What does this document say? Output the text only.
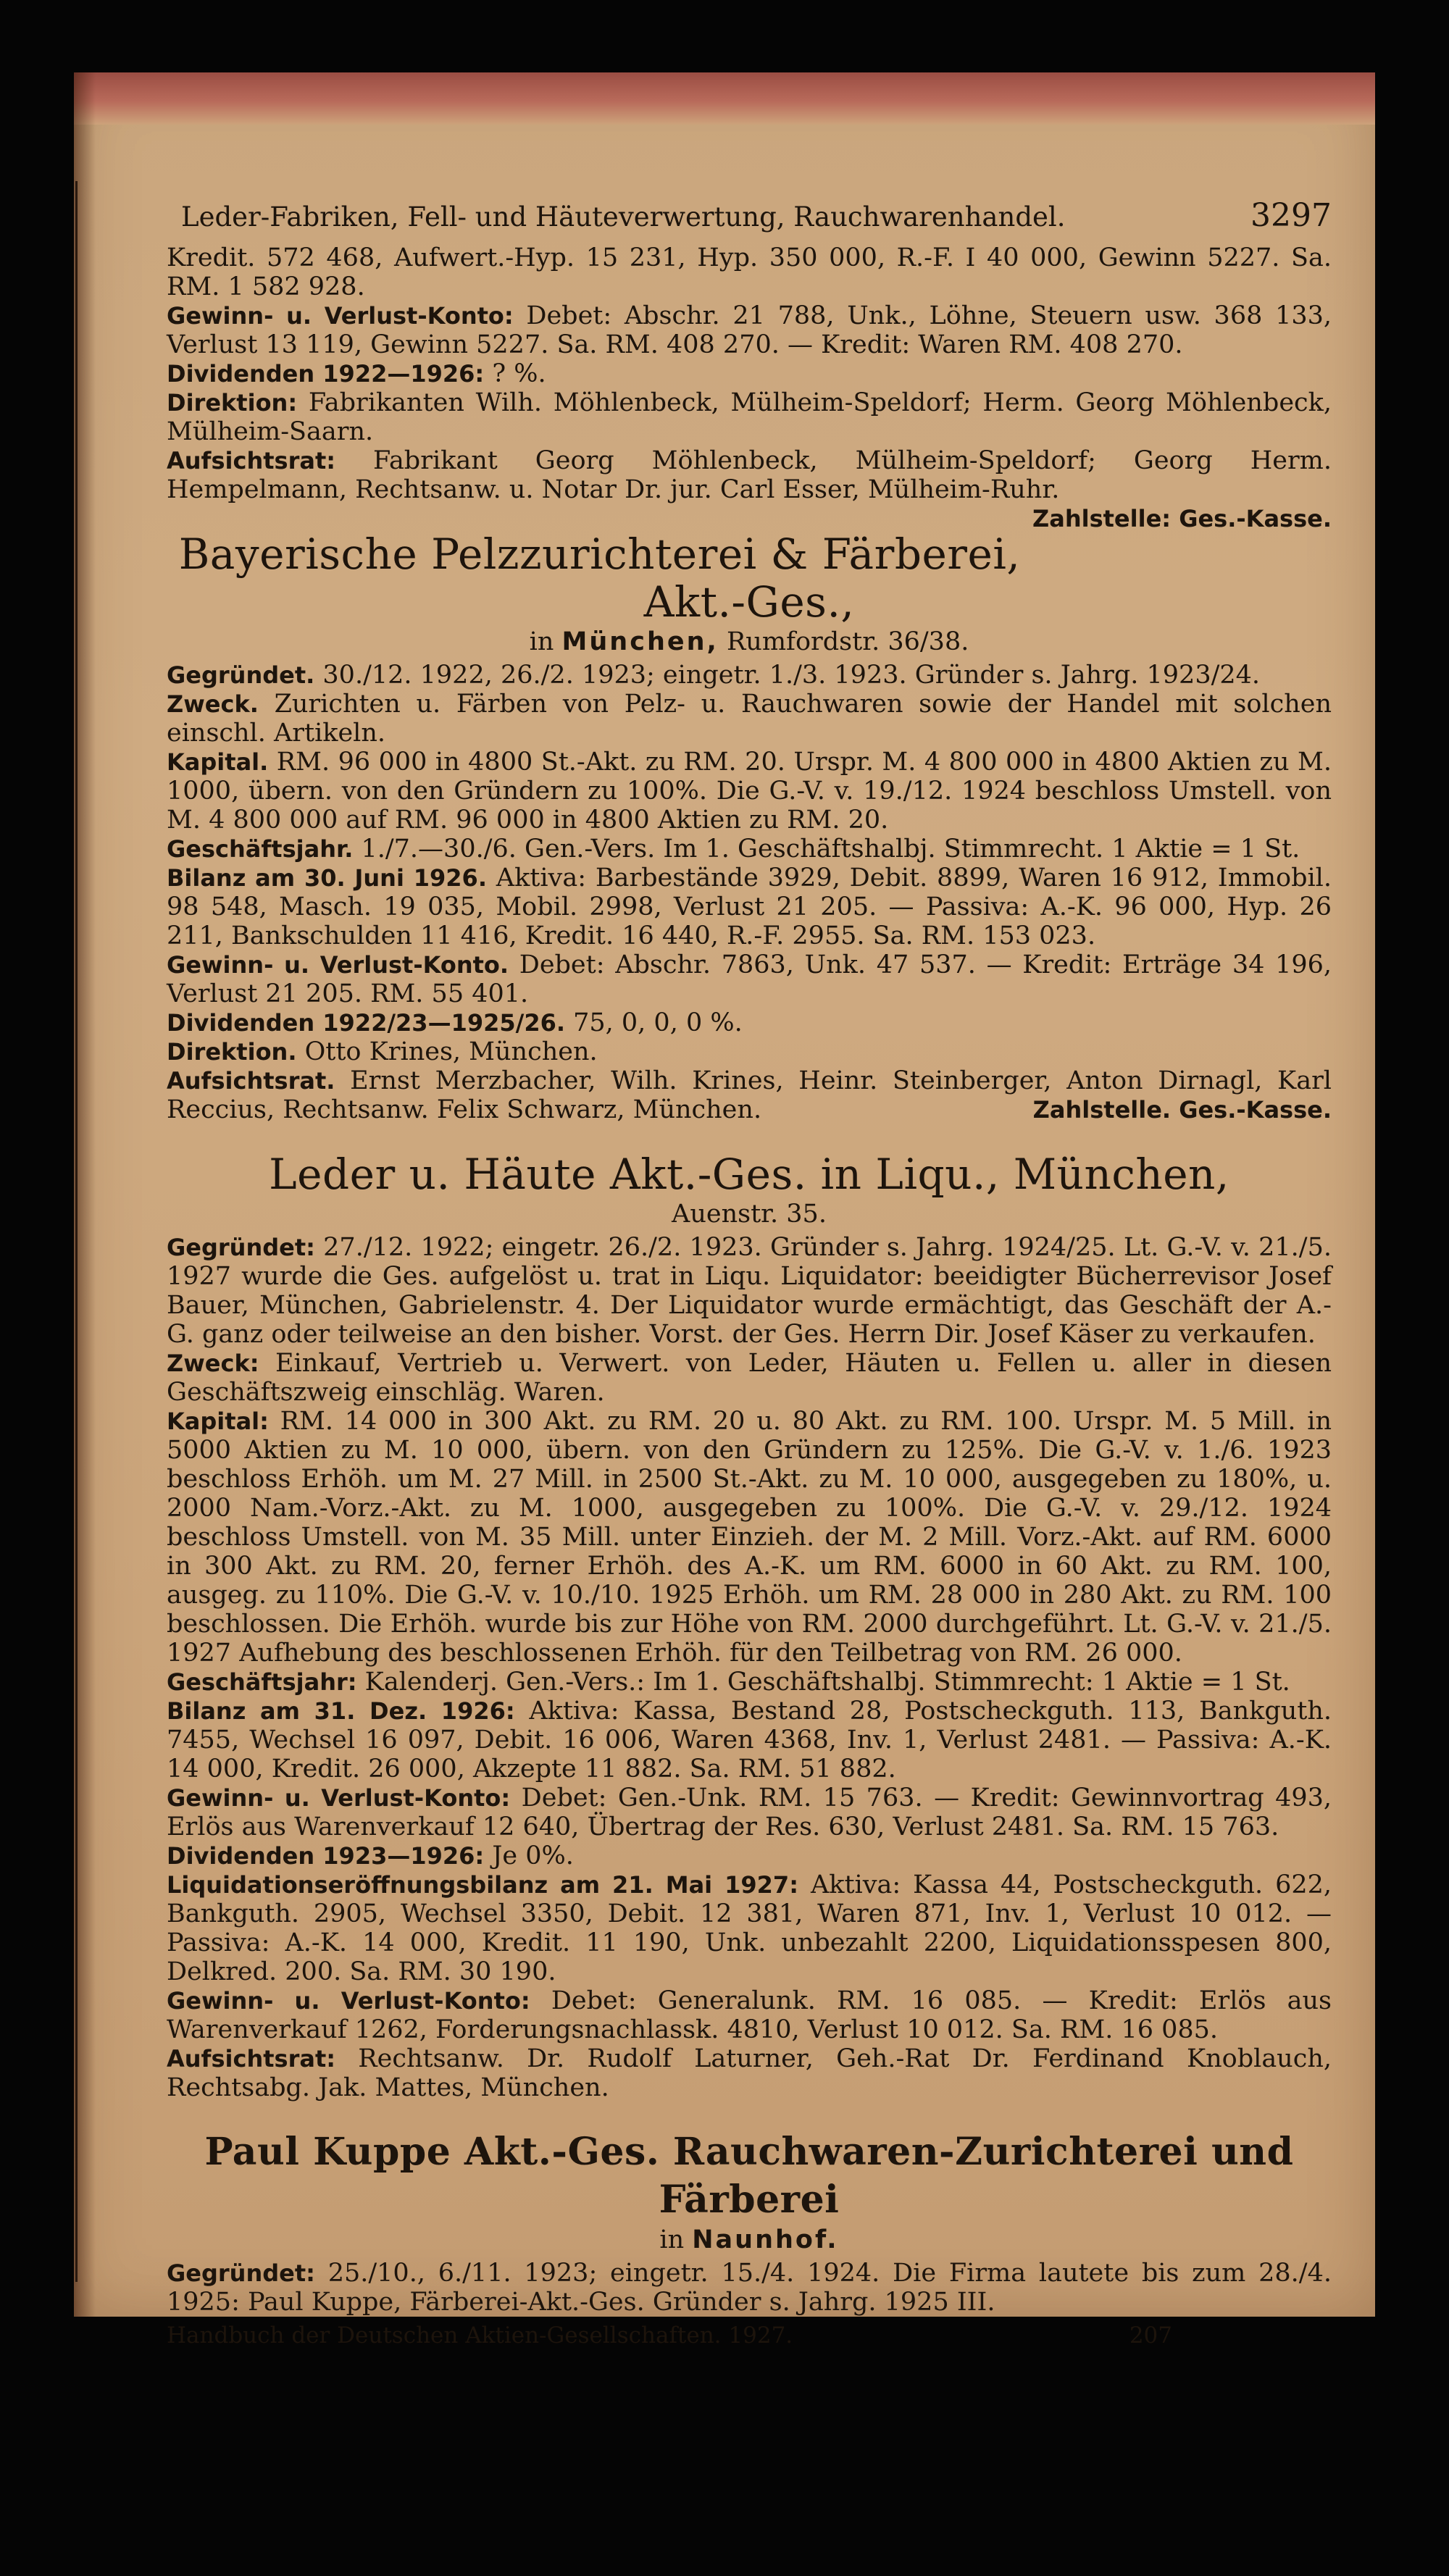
Leder-Fabriken, Fell- und Häuteverwertung, Rauchwarenhandel.	3297

Kredit. 572 468, Aufwert.-Hyp. 15 231, Hyp. 350 000, R.-F. I 40 000, Gewinn 5227. Sa. RM. 1 582 928.

Gewinn- u. Verlust-Konto: Debet: Abschr. 21 788, Unk., Löhne, Steuern usw. 368 133, Verlust 13 119, Gewinn 5227. Sa. RM. 408 270. — Kredit: Waren RM. 408 270.

Dividenden 1922—1926: ? %.

Direktion: Fabrikanten Wilh. Möhlenbeck, Mülheim-Speldorf; Herm. Georg Möhlenbeck, Mülheim-Saarn.

Aufsichtsrat: Fabrikant Georg Möhlenbeck, Mülheim-Speldorf; Georg Herm. Hempelmann, Rechtsanw. u. Notar Dr. jur. Carl Esser, Mülheim-Ruhr.
Zahlstelle: Ges.-Kasse.

Bayerische Pelzzurichterei & Färberei, Akt.-Ges.,

in München, Rumfordstr. 36/38.

Gegründet. 30./12. 1922, 26./2. 1923; eingetr. 1./3. 1923. Gründer s. Jahrg. 1923/24.

Zweck. Zurichten u. Färben von Pelz- u. Rauchwaren sowie der Handel mit solchen einschl. Artikeln.

Kapital. RM. 96 000 in 4800 St.-Akt. zu RM. 20. Urspr. M. 4 800 000 in 4800 Aktien zu M. 1000, übern. von den Gründern zu 100%. Die G.-V. v. 19./12. 1924 beschloss Umstell. von M. 4 800 000 auf RM. 96 000 in 4800 Aktien zu RM. 20.

Geschäftsjahr. 1./7.—30./6. Gen.-Vers. Im 1. Geschäftshalbj. Stimmrecht. 1 Aktie = 1 St.

Bilanz am 30. Juni 1926. Aktiva: Barbestände 3929, Debit. 8899, Waren 16 912, Immobil. 98 548, Masch. 19 035, Mobil. 2998, Verlust 21 205. — Passiva: A.-K. 96 000, Hyp. 26 211, Bankschulden 11 416, Kredit. 16 440, R.-F. 2955. Sa. RM. 153 023.

Gewinn- u. Verlust-Konto. Debet: Abschr. 7863, Unk. 47 537. — Kredit: Erträge 34 196, Verlust 21 205. RM. 55 401.

Dividenden 1922/23—1925/26. 75, 0, 0, 0 %.

Direktion. Otto Krines, München.

Aufsichtsrat. Ernst Merzbacher, Wilh. Krines, Heinr. Steinberger, Anton Dirnagl, Karl Reccius, Rechtsanw. Felix Schwarz, München.	Zahlstelle. Ges.-Kasse.

Leder u. Häute Akt.-Ges. in Liqu., München,

Auenstr. 35.

Gegründet: 27./12. 1922; eingetr. 26./2. 1923. Gründer s. Jahrg. 1924/25. Lt. G.-V. v. 21./5. 1927 wurde die Ges. aufgelöst u. trat in Liqu. Liquidator: beeidigter Bücherrevisor Josef Bauer, München, Gabrielenstr. 4. Der Liquidator wurde ermächtigt, das Geschäft der A.-G. ganz oder teilweise an den bisher. Vorst. der Ges. Herrn Dir. Josef Käser zu verkaufen.

Zweck: Einkauf, Vertrieb u. Verwert. von Leder, Häuten u. Fellen u. aller in diesen Geschäftszweig einschläg. Waren.

Kapital: RM. 14 000 in 300 Akt. zu RM. 20 u. 80 Akt. zu RM. 100. Urspr. M. 5 Mill. in 5000 Aktien zu M. 10 000, übern. von den Gründern zu 125%. Die G.-V. v. 1./6. 1923 beschloss Erhöh. um M. 27 Mill. in 2500 St.-Akt. zu M. 10 000, ausgegeben zu 180%, u. 2000 Nam.-Vorz.-Akt. zu M. 1000, ausgegeben zu 100%. Die G.-V. v. 29./12. 1924 beschloss Umstell. von M. 35 Mill. unter Einzieh. der M. 2 Mill. Vorz.-Akt. auf RM. 6000 in 300 Akt. zu RM. 20, ferner Erhöh. des A.-K. um RM. 6000 in 60 Akt. zu RM. 100, ausgeg. zu 110%. Die G.-V. v. 10./10. 1925 Erhöh. um RM. 28 000 in 280 Akt. zu RM. 100 beschlossen. Die Erhöh. wurde bis zur Höhe von RM. 2000 durchgeführt. Lt. G.-V. v. 21./5. 1927 Aufhebung des beschlossenen Erhöh. für den Teilbetrag von RM. 26 000.

Geschäftsjahr: Kalenderj. Gen.-Vers.: Im 1. Geschäftshalbj. Stimmrecht: 1 Aktie = 1 St.

Bilanz am 31. Dez. 1926: Aktiva: Kassa, Bestand 28, Postscheckguth. 113, Bankguth. 7455, Wechsel 16 097, Debit. 16 006, Waren 4368, Inv. 1, Verlust 2481. — Passiva: A.-K. 14 000, Kredit. 26 000, Akzepte 11 882. Sa. RM. 51 882.

Gewinn- u. Verlust-Konto: Debet: Gen.-Unk. RM. 15 763. — Kredit: Gewinnvortrag 493, Erlös aus Warenverkauf 12 640, Übertrag der Res. 630, Verlust 2481. Sa. RM. 15 763.

Dividenden 1923—1926: Je 0%.

Liquidationseröffnungsbilanz am 21. Mai 1927: Aktiva: Kassa 44, Postscheckguth. 622, Bankguth. 2905, Wechsel 3350, Debit. 12 381, Waren 871, Inv. 1, Verlust 10 012. — Passiva: A.-K. 14 000, Kredit. 11 190, Unk. unbezahlt 2200, Liquidationsspesen 800, Delkred. 200. Sa. RM. 30 190.

Gewinn- u. Verlust-Konto: Debet: Generalunk. RM. 16 085. — Kredit: Erlös aus Warenverkauf 1262, Forderungsnachlassk. 4810, Verlust 10 012. Sa. RM. 16 085.

Aufsichtsrat: Rechtsanw. Dr. Rudolf Laturner, Geh.-Rat Dr. Ferdinand Knoblauch, Rechtsabg. Jak. Mattes, München.

Paul Kuppe Akt.-Ges. Rauchwaren-Zurichterei und Färberei

in Naunhof.

Gegründet: 25./10., 6./11. 1923; eingetr. 15./4. 1924. Die Firma lautete bis zum 28./4. 1925: Paul Kuppe, Färberei-Akt.-Ges. Gründer s. Jahrg. 1925 III.

Handbuch der Deutschen Aktien-Gesellschaften. 1927.	207
